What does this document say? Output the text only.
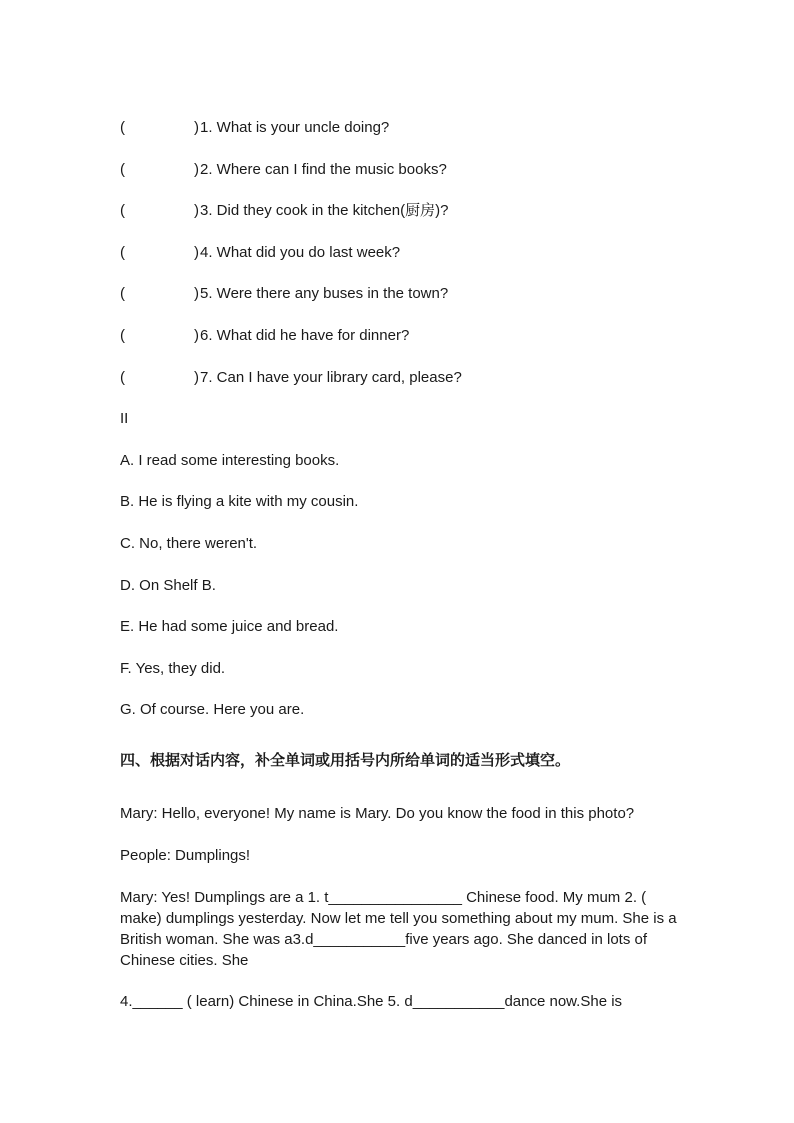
(	) 1. What is your uncle doing?
(	) 2. Where can I find the music books?
(	) 3. Did they cook in the kitchen(厨房)?
(	) 4. What did you do last week?
(	) 5. Were there any buses in the town?
(	) 6. What did he have for dinner?
(	) 7. Can I have your library card, please?
II
A. I read some interesting books.
B. He is flying a kite with my cousin.
C. No, there weren't.
D. On Shelf B.
E. He had some juice and bread.
F. Yes, they did.
G. Of course. Here you are.
四、根据对话内容，补全单词或用括号内所给单词的适当形式填空。
Mary: Hello, everyone! My name is Mary. Do you know the food in this photo?
People: Dumplings!
Mary: Yes! Dumplings are a 1. t________________ Chinese food. My mum 2. ( make) dumplings yesterday. Now let me tell you something about my mum. She is a British woman. She was a3.d___________five years ago. She danced in lots of Chinese cities. She
4.______ ( learn) Chinese in China.She 5. d___________dance now.She is
